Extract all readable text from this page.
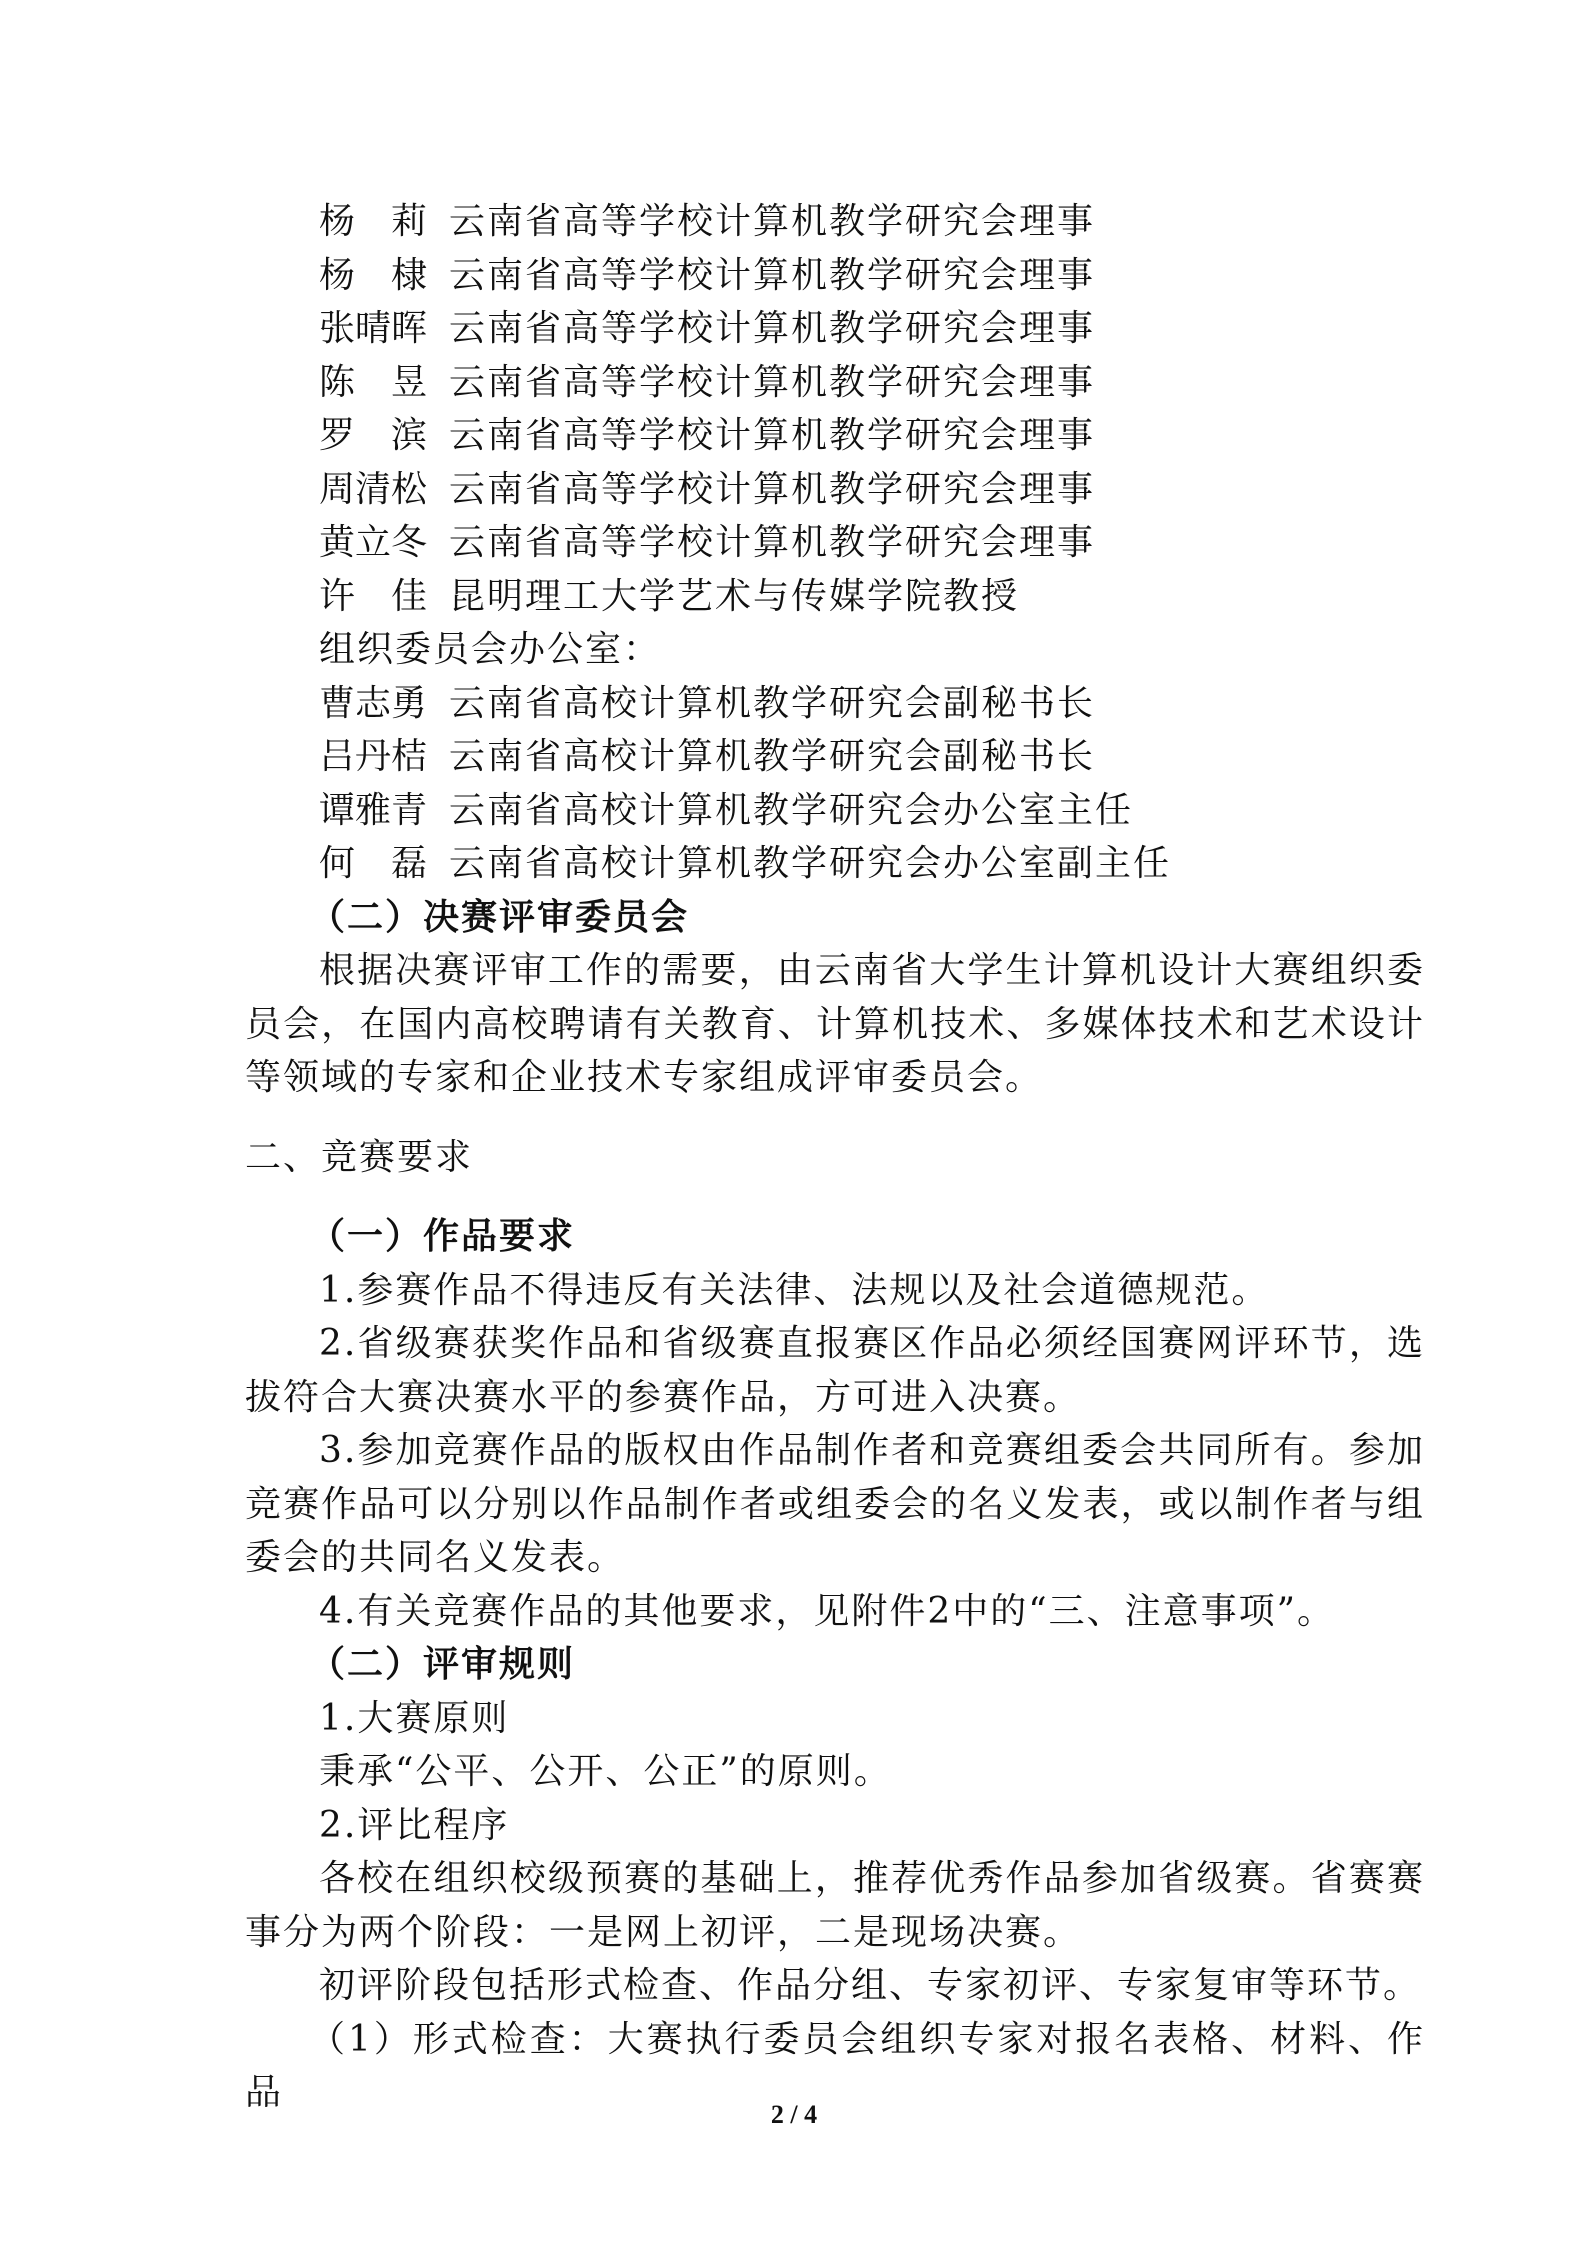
杨　莉 云南省高等学校计算机教学研究会理事
杨　棣 云南省高等学校计算机教学研究会理事
张晴晖 云南省高等学校计算机教学研究会理事
陈　昱 云南省高等学校计算机教学研究会理事
罗　滨 云南省高等学校计算机教学研究会理事
周清松 云南省高等学校计算机教学研究会理事
黄立冬 云南省高等学校计算机教学研究会理事
许　佳 昆明理工大学艺术与传媒学院教授
组织委员会办公室：
曹志勇 云南省高校计算机教学研究会副秘书长
吕丹桔 云南省高校计算机教学研究会副秘书长
谭雅青 云南省高校计算机教学研究会办公室主任
何　磊 云南省高校计算机教学研究会办公室副主任
（二）决赛评审委员会
根据决赛评审工作的需要，由云南省大学生计算机设计大赛组织委员会，在国内高校聘请有关教育、计算机技术、多媒体技术和艺术设计等领域的专家和企业技术专家组成评审委员会。
二、竞赛要求
（一）作品要求
1.参赛作品不得违反有关法律、法规以及社会道德规范。
2.省级赛获奖作品和省级赛直报赛区作品必须经国赛网评环节，选拔符合大赛决赛水平的参赛作品，方可进入决赛。
3.参加竞赛作品的版权由作品制作者和竞赛组委会共同所有。参加竞赛作品可以分别以作品制作者或组委会的名义发表，或以制作者与组委会的共同名义发表。
4.有关竞赛作品的其他要求，见附件2中的“三、注意事项”。
（二）评审规则
1.大赛原则
秉承“公平、公开、公正”的原则。
2.评比程序
各校在组织校级预赛的基础上，推荐优秀作品参加省级赛。省赛赛事分为两个阶段：一是网上初评，二是现场决赛。
初评阶段包括形式检查、作品分组、专家初评、专家复审等环节。
（1）形式检查：大赛执行委员会组织专家对报名表格、材料、作品
2 / 4
